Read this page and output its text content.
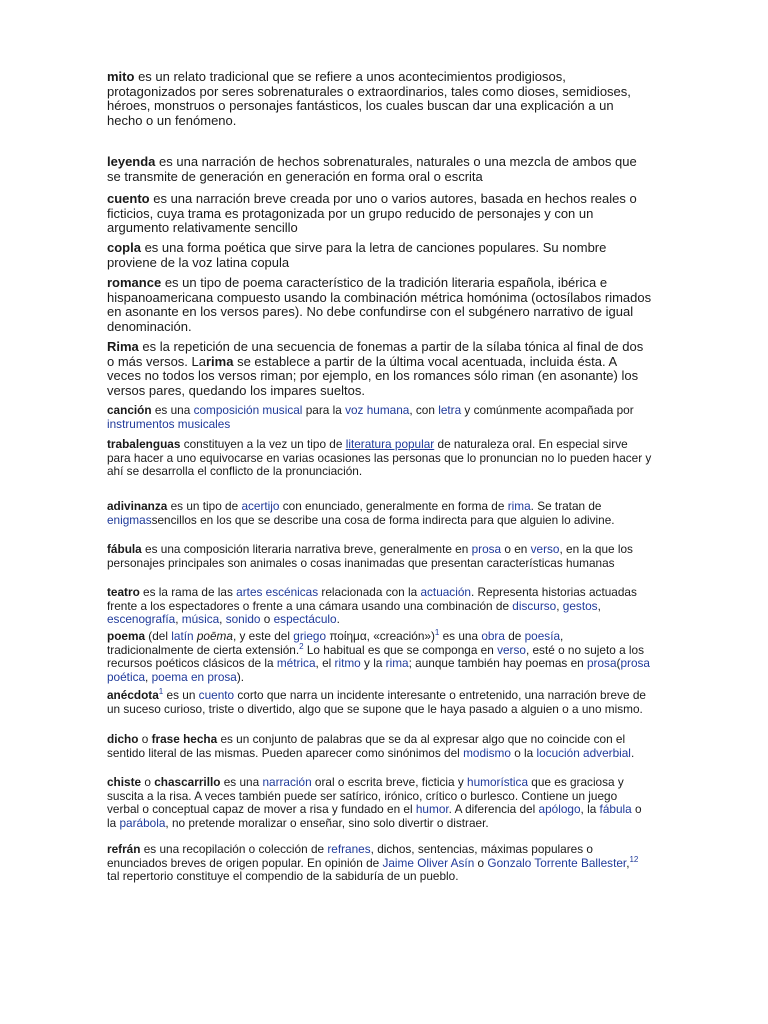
mito es un relato tradicional que se refiere a unos acontecimientos prodigiosos, protagonizados por seres sobrenaturales o extraordinarios, tales como dioses, semidioses, héroes, monstruos o personajes fantásticos, los cuales buscan dar una explicación a un hecho o un fenómeno.

leyenda es una narración de hechos sobrenaturales, naturales o una mezcla de ambos que se transmite de generación en generación en forma oral o escrita

cuento es una narración breve creada por uno o varios autores, basada en hechos reales o ficticios, cuya trama es protagonizada por un grupo reducido de personajes y con un argumento relativamente sencillo

copla es una forma poética que sirve para la letra de canciones populares. Su nombre proviene de la voz latina copula

romance es un tipo de poema característico de la tradición literaria española, ibérica e hispanoamericana compuesto usando la combinación métrica homónima (octosílabos rimados en asonante en los versos pares). No debe confundirse con el subgénero narrativo de igual denominación.

Rima es la repetición de una secuencia de fonemas a partir de la sílaba tónica al final de dos o más versos. Larima se establece a partir de la última vocal acentuada, incluida ésta. A veces no todos los versos riman; por ejemplo, en los romances sólo riman (en asonante) los versos pares, quedando los impares sueltos.

canción es una composición musical para la voz humana, con letra y comúnmente acompañada por instrumentos musicales

trabalenguas constituyen a la vez un tipo de literatura popular de naturaleza oral. En especial sirve para hacer a uno equivocarse en varias ocasiones las personas que lo pronuncian no lo pueden hacer y ahí se desarrolla el conflicto de la pronunciación.

adivinanza es un tipo de acertijo con enunciado, generalmente en forma de rima. Se tratan de enigmassencillos en los que se describe una cosa de forma indirecta para que alguien lo adivine.

fábula es una composición literaria narrativa breve, generalmente en prosa o en verso, en la que los personajes principales son animales o cosas inanimadas que presentan características humanas

teatro es la rama de las artes escénicas relacionada con la actuación. Representa historias actuadas frente a los espectadores o frente a una cámara usando una combinación de discurso, gestos, escenografía, música, sonido o espectáculo.

poema (del latín poēma, y este del griego ποίημα, «creación»)$^1$ es una obra de poesía, tradicionalmente de cierta extensión.$^2$ Lo habitual es que se componga en verso, esté o no sujeto a los recursos poéticos clásicos de la métrica, el ritmo y la rima; aunque también hay poemas en prosa(prosa poética, poema en prosa).

anécdota$^1$ es un cuento corto que narra un incidente interesante o entretenido, una narración breve de un suceso curioso, triste o divertido, algo que se supone que le haya pasado a alguien o a uno mismo.

dicho o frase hecha es un conjunto de palabras que se da al expresar algo que no coincide con el sentido literal de las mismas. Pueden aparecer como sinónimos del modismo o la locución adverbial.

chiste o chascarrillo es una narración oral o escrita breve, ficticia y humorística que es graciosa y suscita a la risa. A veces también puede ser satírico, irónico, crítico o burlesco. Contiene un juego verbal o conceptual capaz de mover a risa y fundado en el humor. A diferencia del apólogo, la fábula o la parábola, no pretende moralizar o enseñar, sino solo divertir o distraer.

refrán es una recopilación o colección de refranes, dichos, sentencias, máximas populares o enunciados breves de origen popular. En opinión de Jaime Oliver Asín o Gonzalo Torrente Ballester,$^{12}$ tal repertorio constituye el compendio de la sabiduría de un pueblo.
